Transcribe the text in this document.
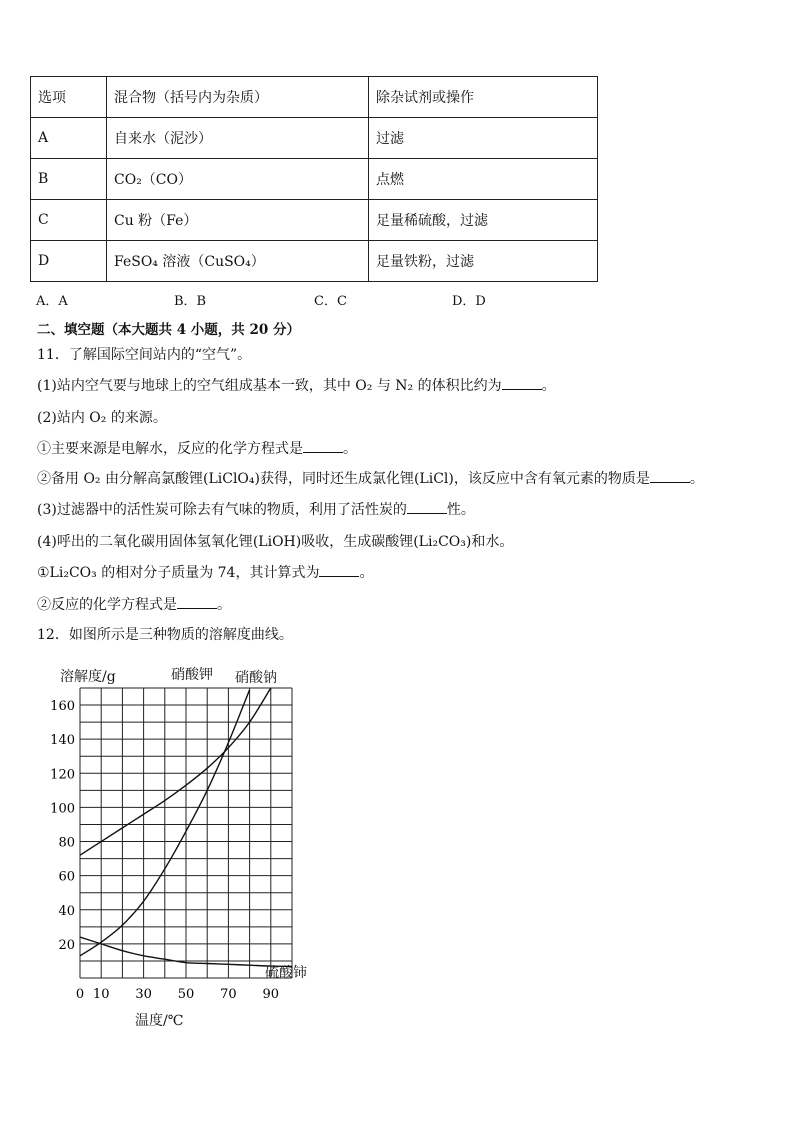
选项	混合物（括号内为杂质）	除杂试剂或操作
A	自来水（泥沙）	过滤
B	CO₂（CO）	点燃
C	Cu 粉（Fe）	足量稀硫酸，过滤
D	FeSO₄ 溶液（CuSO₄）	足量铁粉，过滤
A．A	B．B	C．C	D．D
二、填空题（本大题共 4 小题，共 20 分）
11．了解国际空间站内的“空气”。
(1)站内空气要与地球上的空气组成基本一致，其中 O₂ 与 N₂ 的体积比约为	。
(2)站内 O₂ 的来源。
①主要来源是电解水，反应的化学方程式是	。
②备用 O₂ 由分解高氯酸锂(LiClO₄)获得，同时还生成氯化锂(LiCl)，该反应中含有氧元素的物质是	。
(3)过滤器中的活性炭可除去有气味的物质，利用了活性炭的	性。
(4)呼出的二氧化碳用固体氢氧化锂(LiOH)吸收，生成碳酸锂(Li₂CO₃)和水。
①Li₂CO₃ 的相对分子质量为 74，其计算式为	。
②反应的化学方程式是	。
12．如图所示是三种物质的溶解度曲线。
溶解度/g
温度/℃
硝酸钾 硝酸钠
硫酸铈
20
40
60
80
100
120
140
160
0 10 30 50 70 90
